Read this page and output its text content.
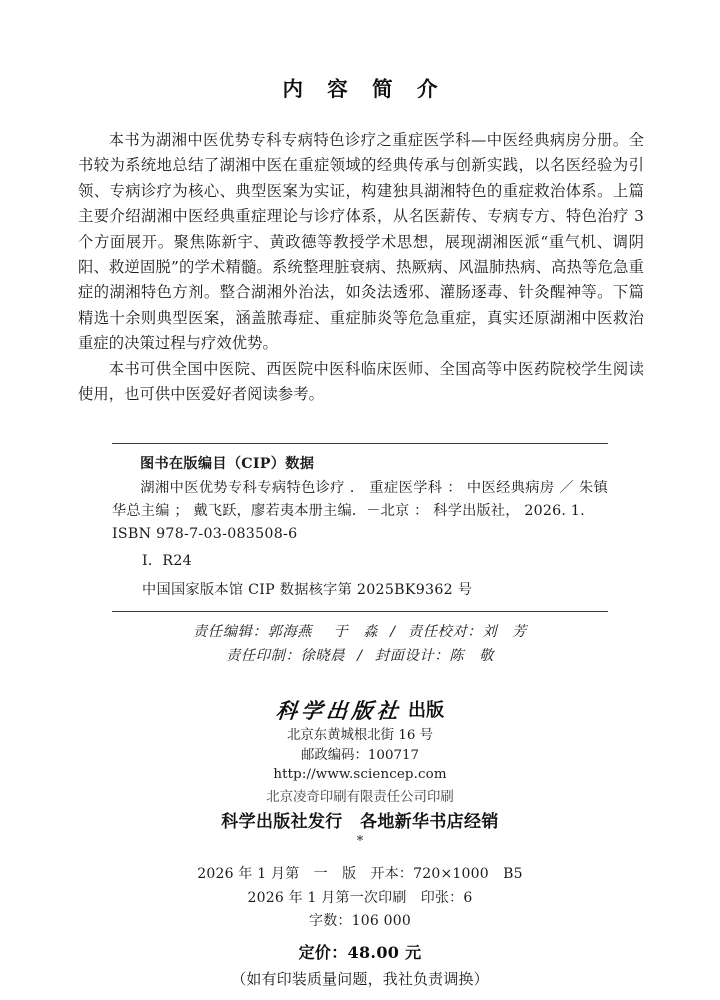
内 容 简 介

本书为湖湘中医优势专科专病特色诊疗之重症医学科—中医经典病房分册。全书较为系统地总结了湖湘中医在重症领域的经典传承与创新实践，以名医经验为引领、专病诊疗为核心、典型医案为实证，构建独具湖湘特色的重症救治体系。上篇主要介绍湖湘中医经典重症理论与诊疗体系，从名医薪传、专病专方、特色治疗 3 个方面展开。聚焦陈新宇、黄政德等教授学术思想，展现湖湘医派“重气机、调阴阳、救逆固脱”的学术精髓。系统整理脏衰病、热厥病、风温肺热病、高热等危急重症的湖湘特色方剂。整合湖湘外治法，如灸法透邪、灌肠逐毒、针灸醒神等。下篇精选十余则典型医案，涵盖脓毒症、重症肺炎等危急重症，真实还原湖湘中医救治重症的决策过程与疗效优势。

本书可供全国中医院、西医院中医科临床医师、全国高等中医药院校学生阅读使用，也可供中医爱好者阅读参考。

图书在版编目（CIP）数据
湖湘中医优势专科专病特色诊疗 ． 重症医学科 ： 中医经典病房 ／ 朱镇华总主编 ； 戴飞跃，廖若夷本册主编．－北京 ： 科学出版社， 2026. 1.
ISBN 978-7-03-083508-6
Ⅰ．R24
中国国家版本馆 CIP 数据核字第 2025BK9362 号
责任编辑：郭海燕 于　淼 / 责任校对：刘　芳
责任印制：徐晓晨 / 封面设计：陈　敬
科学出版社 出版

北京东黄城根北街 16 号

邮政编码：100717

http://www.sciencep.com

北京凌奇印刷有限责任公司印刷

科学出版社发行　各地新华书店经销

*

2026 年 1 月第　一　版　开本：720×1000　B5

2026 年 1 月第一次印刷　印张：6

字数：106 000

定价：48.00 元

（如有印装质量问题，我社负责调换）
